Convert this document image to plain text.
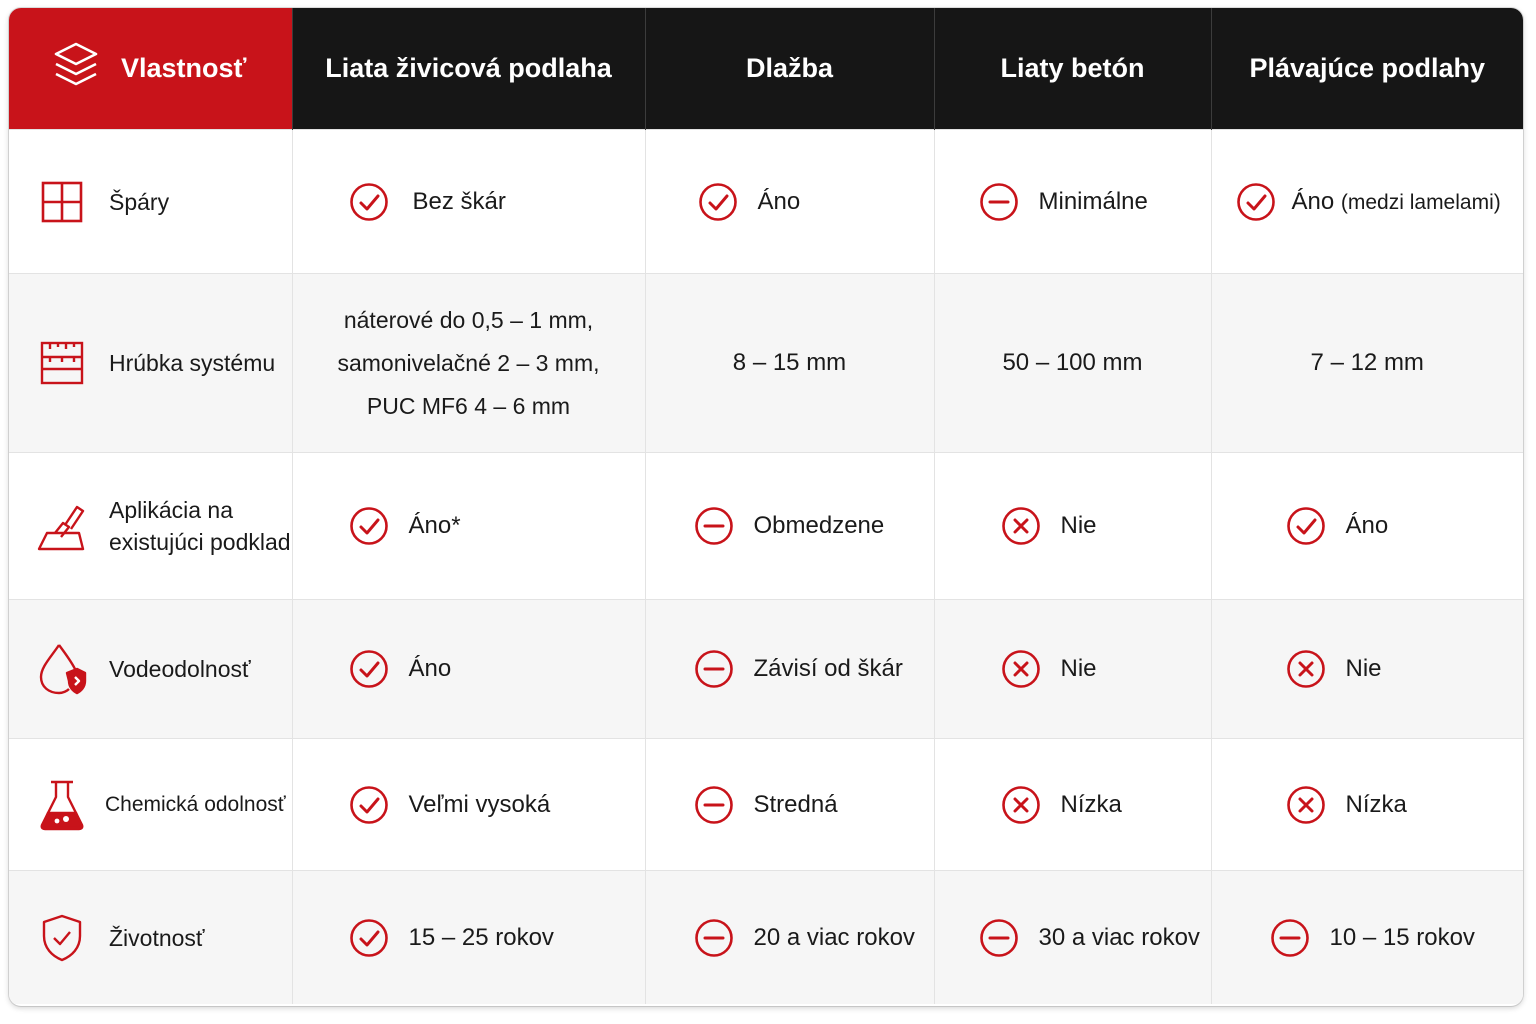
Vlastnosť	Liata živicová podlaha	Dlažba	Liaty betón	Plávajúce podlahy

Špáry	Bez škár	Áno	Minimálne	Áno (medzi lamelami)

Hrúbka systému	náterové do 0,5 – 1 mm,
samonivelačné 2 – 3 mm,
PUC MF6 4 – 6 mm	8 – 15 mm	50 – 100 mm	7 – 12 mm

Aplikácia na
existujúci podklad	Áno*	Obmedzene	Nie	Áno

Vodeodolnosť	Áno	Závisí od škár	Nie	Nie

Chemická odolnosť	Veľmi vysoká	Stredná	Nízka	Nízka

Životnosť	15 – 25 rokov	20 a viac rokov	30 a viac rokov	10 – 15 rokov
